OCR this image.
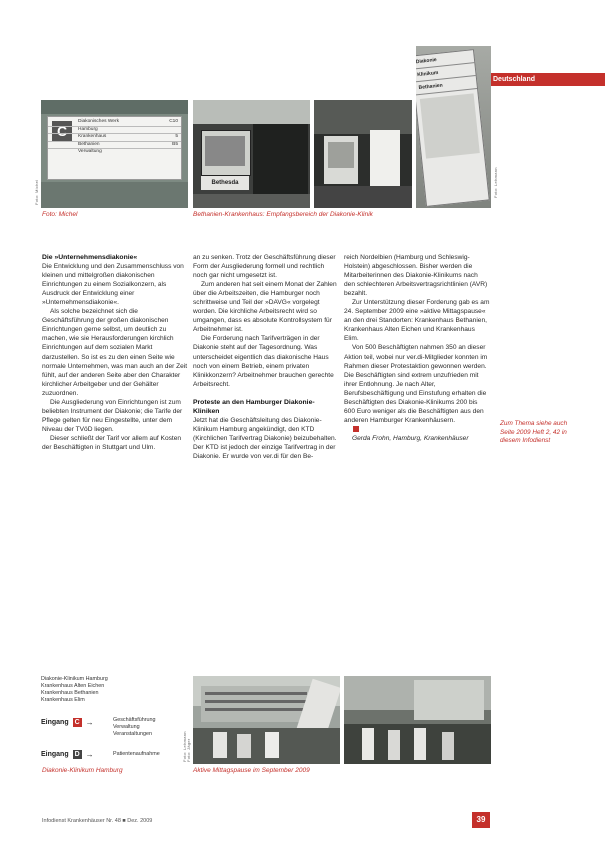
Deutschland
C
Diakonisches Werk	C10
Hamburg
Krankenhaus	5
Bethanien	B5
Verwaltung
Foto: Michel	Bethesda
Diakonie
Klinikum
Bethanien
Foto: Lehmann
Foto: Michel	Bethanien-Krankenhaus: Empfangsbereich der Diakonie-Klinik
Die »Unternehmensdiakonie«

Die Entwicklung und den Zusammenschluss von kleinen und mittelgroßen diakonischen Einrichtungen zu einem Sozialkonzern, als Ausdruck der Entwicklung einer »Unternehmensdiakonie«.

Als solche bezeichnet sich die Geschäftsführung der großen diakonischen Einrichtungen gerne selbst, um deutlich zu machen, wie sie Herausforderungen kirchlich Einrichtungen auf dem sozialen Markt darzustellen. So ist es zu den einen Seite wie normale Unternehmen, was man auch an der Zeit fühlt, auf der anderen Seite aber den Charakter kirchlicher Arbeitgeber und der Gehälter zuzuordnen.

Die Ausgliederung von Einrichtungen ist zum beliebten Instrument der Diakonie; die Tarife der Pflege gelten für neu Eingestellte, unter dem Niveau der TVöD liegen.

Dieser schließt der Tarif vor allem auf Kosten der Beschäftigten in Stuttgart und Ulm.

an zu senken. Trotz der Geschäftsführung dieser Form der Ausgliederung formell und rechtlich noch gar nicht umgesetzt ist.

Zum anderen hat seit einem Monat der Zahlen über die Arbeitszeiten, die Hamburger noch schrittweise und Teil der »DAVG« vorgelegt worden. Die kirchliche Arbeitsrecht wird so umgangen, dass es absolute Kontrollsystem für Arbeitnehmer ist.

Die Forderung nach Tarifverträgen in der Diakonie steht auf der Tagesordnung. Was unterscheidet eigentlich das diakonische Haus noch von einem Betrieb, einem privaten Klinikkonzern? Arbeitnehmer brauchen gerechte Arbeitsrecht.

Proteste an den Hamburger Diakonie-Kliniken

Jetzt hat die Geschäftsleitung des Diakonie-Klinikum Hamburg angekündigt, den KTD (Kirchlichen Tarifvertrag Diakonie) beizubehalten. Der KTD ist jedoch der einzige Tarifvertrag in der Diakonie. Er wurde von ver.di für den Be-

reich Nordelbien (Hamburg und Schleswig-Holstein) abgeschlossen. Bisher werden die Mitarbeiterinnen des Diakonie-Klinikums nach den schlechteren Arbeitsvertragsrichtlinien (AVR) bezahlt.

Zur Unterstützung dieser Forderung gab es am 24. September 2009 eine »aktive Mittagspause« an den drei Standorten: Krankenhaus Bethanien, Krankenhaus Alten Eichen und Krankenhaus Elim.

Von 500 Beschäftigten nahmen 350 an dieser Aktion teil, wobei nur ver.di-Mitglieder konnten im Rahmen dieser Protestaktion gewonnen werden. Die Beschäftigten sind extrem unzufrieden mit ihrer Entlohnung. Je nach Alter, Berufsbeschäftigung und Einstufung erhalten die Beschäftigten des Diakonie-Klinikums 200 bis 600 Euro weniger als die Beschäftigten aus den anderen Hamburger Krankenhäusern.

Gerda Frohn, Hamburg, Krankenhäuser

Zum Thema siehe auch Seite 2009 Heft 2, 42 in diesem Infodienst
Diakonie-Klinikum Hamburg
Krankenhaus Alten Eichen
Krankenhaus Bethanien
Krankenhaus Elim
Eingang C →	Geschäftsführung
Verwaltung
Veranstaltungen
Eingang D →	Patientenaufnahme	Foto: Lehmann Foto: Jäger
Diakonie-Klinikum Hamburg	Aktive Mittagspause im September 2009
Infodienst Krankenhäuser Nr. 48 ■ Dez. 2009	39
